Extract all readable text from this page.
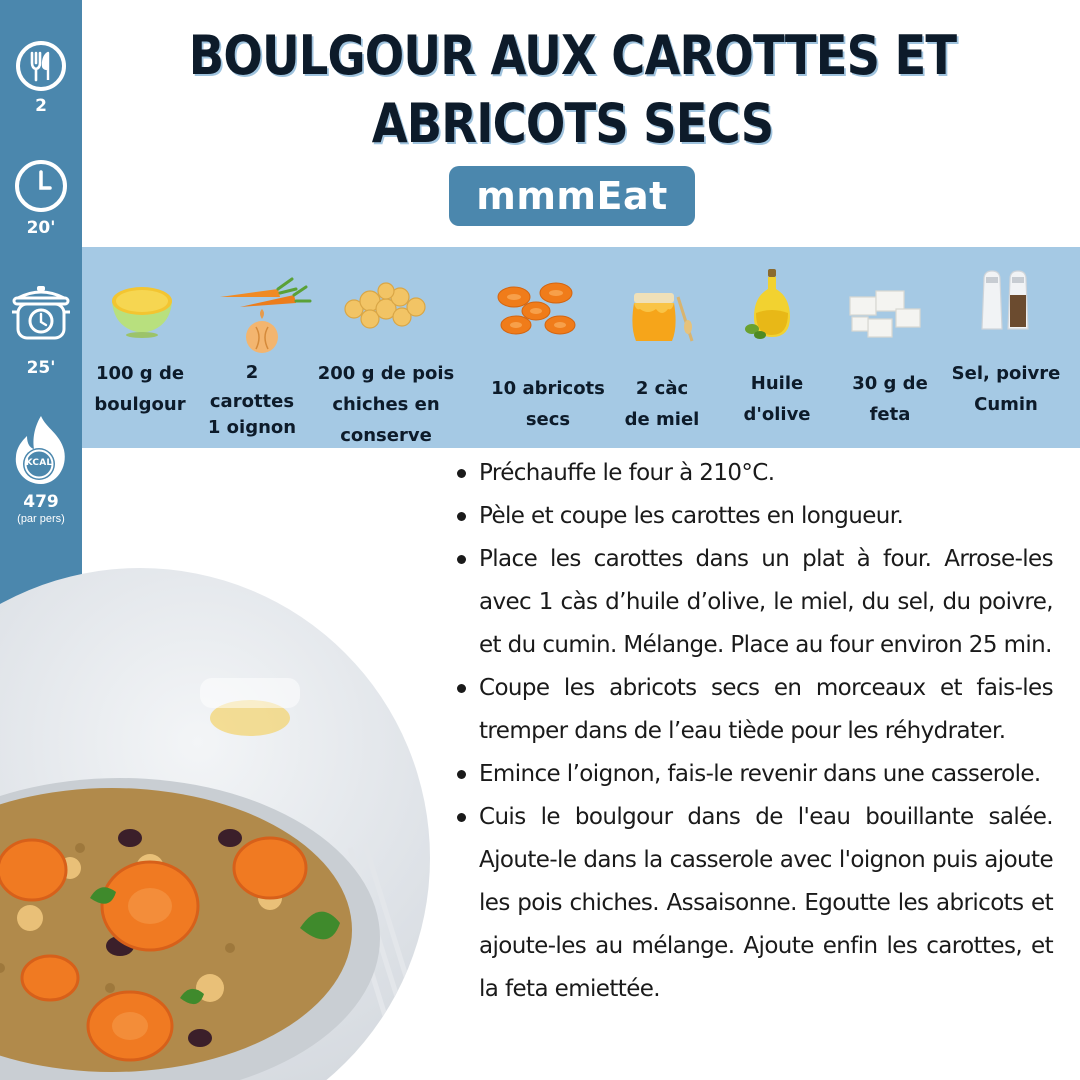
2
20'
25'
KCAL
479
(par pers)
BOULGOUR AUX CAROTTES ET ABRICOTS SECS
mmmEat
100 g de
boulgour
2
carottes
1 oignon
200 g de pois
chiches en
conserve
10 abricots
secs
2 càc
de miel
Huile
d'olive
30 g de
feta
Sel, poivre
Cumin
Préchauffe le four à 210°C.
Pèle et coupe les carottes en longueur.
Place les carottes dans un plat à four. Arrose-les avec 1 càs d’huile d’olive, le miel, du sel, du poivre, et du cumin. Mélange. Place au four environ 25 min.
Coupe les abricots secs en morceaux et fais-les tremper dans de l’eau tiède pour les réhydrater.
Emince l’oignon, fais-le revenir dans une casserole.
Cuis le boulgour dans de l'eau bouillante salée. Ajoute-le dans la casserole avec l'oignon puis ajoute les pois chiches. Assaisonne. Egoutte les abricots et ajoute-les au mélange. Ajoute enfin les carottes, et la feta emiettée.
